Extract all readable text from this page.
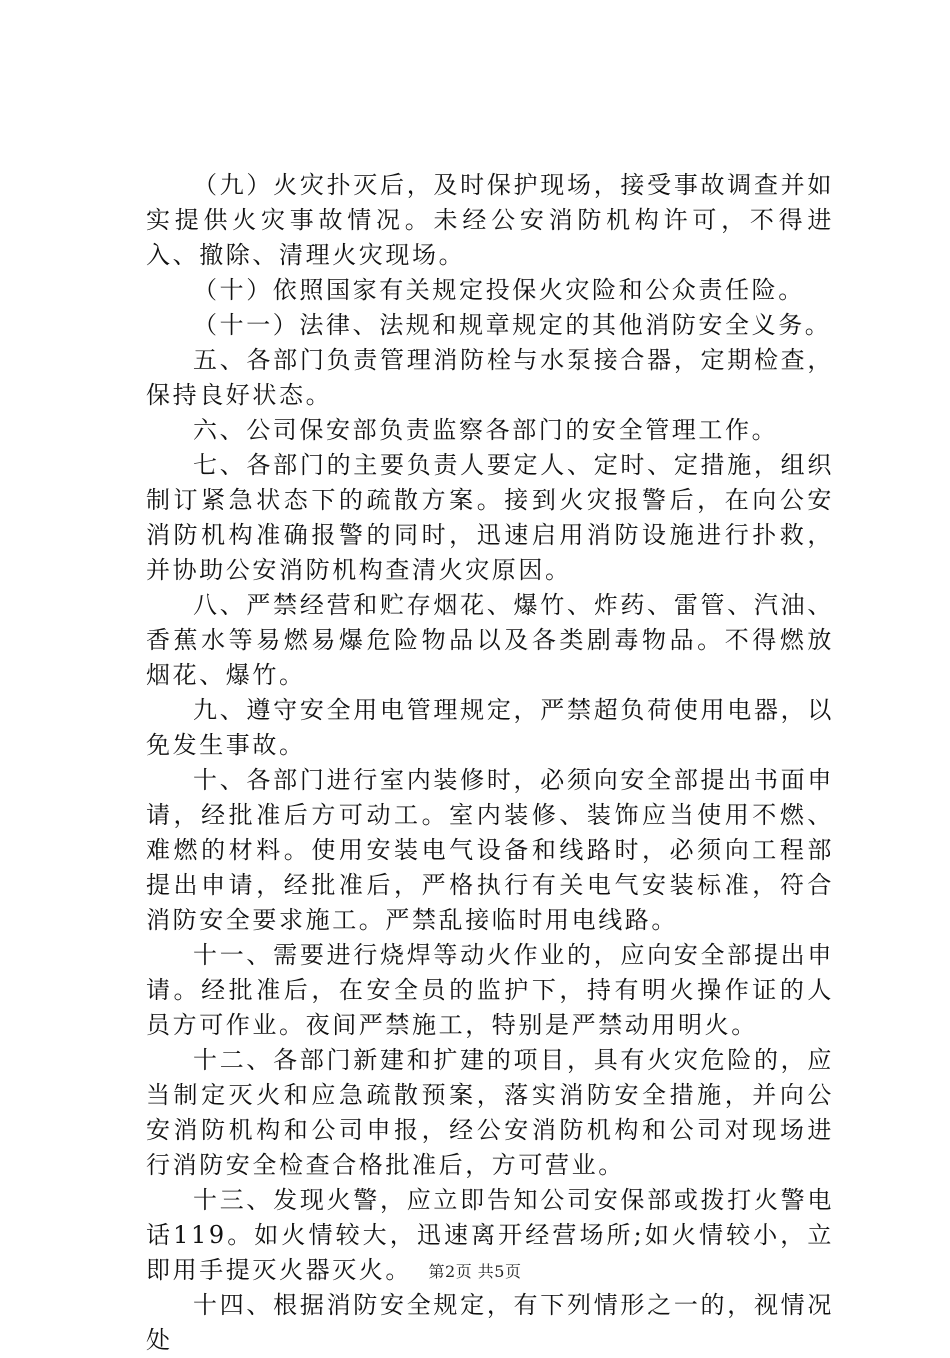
（九）火灾扑灭后，及时保护现场，接受事故调查并如实提供火灾事故情况。未经公安消防机构许可，不得进入、撤除、清理火灾现场。

（十）依照国家有关规定投保火灾险和公众责任险。

（十一）法律、法规和规章规定的其他消防安全义务。

五、各部门负责管理消防栓与水泵接合器，定期检查，保持良好状态。

六、公司保安部负责监察各部门的安全管理工作。

七、各部门的主要负责人要定人、定时、定措施，组织制订紧急状态下的疏散方案。接到火灾报警后，在向公安消防机构准确报警的同时，迅速启用消防设施进行扑救，并协助公安消防机构查清火灾原因。

八、严禁经营和贮存烟花、爆竹、炸药、雷管、汽油、香蕉水等易燃易爆危险物品以及各类剧毒物品。不得燃放烟花、爆竹。

九、遵守安全用电管理规定，严禁超负荷使用电器，以免发生事故。

十、各部门进行室内装修时，必须向安全部提出书面申请，经批准后方可动工。室内装修、装饰应当使用不燃、难燃的材料。使用安装电气设备和线路时，必须向工程部提出申请，经批准后，严格执行有关电气安装标准，符合消防安全要求施工。严禁乱接临时用电线路。

十一、需要进行烧焊等动火作业的，应向安全部提出申请。经批准后，在安全员的监护下，持有明火操作证的人员方可作业。夜间严禁施工，特别是严禁动用明火。

十二、各部门新建和扩建的项目，具有火灾危险的，应当制定灭火和应急疏散预案，落实消防安全措施，并向公安消防机构和公司申报，经公安消防机构和公司对现场进行消防安全检查合格批准后，方可营业。

十三、发现火警，应立即告知公司安保部或拨打火警电话119。如火情较大，迅速离开经营场所;如火情较小，立即用手提灭火器灭火。

十四、根据消防安全规定，有下列情形之一的，视情况处

第2页 共5页
